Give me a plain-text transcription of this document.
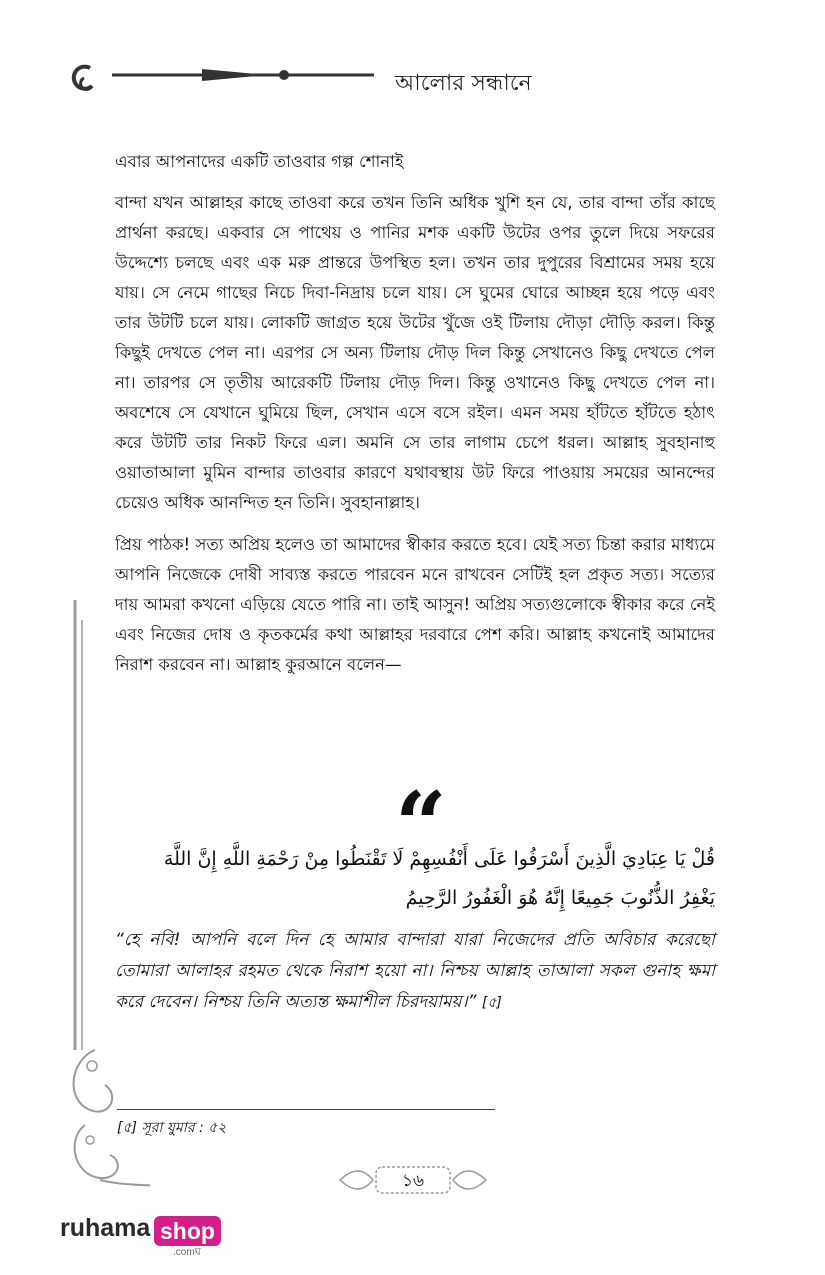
আলোর সন্ধানে

এবার আপনাদের একটি তাওবার গল্প শোনাই

বান্দা যখন আল্লাহর কাছে তাওবা করে তখন তিনি অধিক খুশি হন যে, তার বান্দা তাঁর কাছে প্রার্থনা করছে। একবার সে পাথেয় ও পানির মশক একটি উটের ওপর তুলে দিয়ে সফরের উদ্দেশ্যে চলছে এবং এক মরু প্রান্তরে উপস্থিত হল। তখন তার দুপুরের বিশ্রামের সময় হয়ে যায়। সে নেমে গাছের নিচে দিবা-নিদ্রায় চলে যায়। সে ঘুমের ঘোরে আচ্ছন্ন হয়ে পড়ে এবং তার উটটি চলে যায়। লোকটি জাগ্রত হয়ে উটের খুঁজে ওই টিলায় দৌড়া দৌড়ি করল। কিন্তু কিছুই দেখতে পেল না। এরপর সে অন্য টিলায় দৌড় দিল কিন্তু সেখানেও কিছু দেখতে পেল না। তারপর সে তৃতীয় আরেকটি টিলায় দৌড় দিল। কিন্তু ওখানেও কিছু দেখতে পেল না। অবশেষে সে যেখানে ঘুমিয়ে ছিল, সেখান এসে বসে রইল। এমন সময় হাঁটতে হাঁটতে হঠাৎ করে উটটি তার নিকট ফিরে এল। অমনি সে তার লাগাম চেপে ধরল। আল্লাহ সুবহানাহু ওয়াতাআলা মুমিন বান্দার তাওবার কারণে যথাবস্থায় উট ফিরে পাওয়ায় সময়ের আনন্দের চেয়েও অধিক আনন্দিত হন তিনি। সুবহানাল্লাহ।

প্রিয় পাঠক! সত্য অপ্রিয় হলেও তা আমাদের স্বীকার করতে হবে। যেই সত্য চিন্তা করার মাধ্যমে আপনি নিজেকে দোষী সাব্যস্ত করতে পারবেন মনে রাখবেন সেটিই হল প্রকৃত সত্য। সত্যের দায় আমরা কখনো এড়িয়ে যেতে পারি না। তাই আসুন! অপ্রিয় সত্যগুলোকে স্বীকার করে নেই এবং নিজের দোষ ও কৃতকর্মের কথা আল্লাহর দরবারে পেশ করি। আল্লাহ কখনোই আমাদের নিরাশ করবেন না। আল্লাহ কুরআনে বলেন—

“
قُلْ يَا عِبَادِيَ الَّذِينَ أَسْرَفُوا عَلَى أَنْفُسِهِمْ لَا تَقْنَطُوا مِنْ رَحْمَةِ اللَّهِ إِنَّ اللَّهَ
يَغْفِرُ الذُّنُوبَ جَمِيعًا إِنَّهُ هُوَ الْغَفُورُ الرَّحِيمُ

“হে নবি! আপনি বলে দিন হে আমার বান্দারা যারা নিজেদের প্রতি অবিচার করেছো তোমারা আলাহর রহমত থেকে নিরাশ হয়ো না। নিশ্চয় আল্লাহ তাআলা সকল গুনাহ ক্ষমা করে দেবেন। নিশ্চয় তিনি অত্যন্ত ক্ষমাশীল চিরদয়াময়।” [৫]

[৫] সূরা যুমার : ৫২
১৬
ruhama shop
.comঘ
